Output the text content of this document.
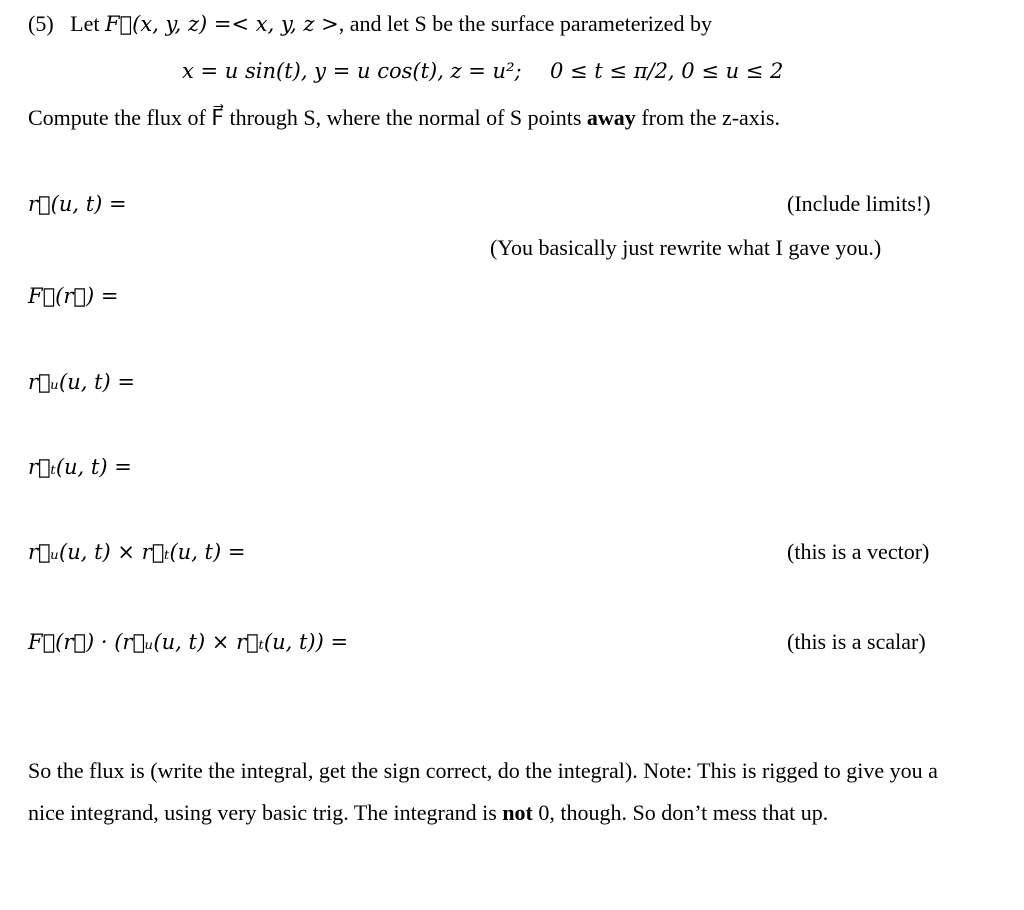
(5) Let F⃗(x, y, z) =< x, y, z >, and let S be the surface parameterized by
x = u sin(t), y = u cos(t), z = u²; 0 ≤ t ≤ π/2, 0 ≤ u ≤ 2
Compute the flux of F⃗ through S, where the normal of S points away from the z-axis.
r⃗(u, t) =	(Include limits!)
(You basically just rewrite what I gave you.)
F⃗(r⃗) =
r⃗ᵤ(u, t) =
r⃗ₜ(u, t) =
r⃗ᵤ(u, t) × r⃗ₜ(u, t) =	(this is a vector)
F⃗(r⃗) · (r⃗ᵤ(u, t) × r⃗ₜ(u, t)) =	(this is a scalar)
So the flux is (write the integral, get the sign correct, do the integral). Note: This is rigged to give you a nice integrand, using very basic trig. The integrand is not 0, though. So don’t mess that up.
